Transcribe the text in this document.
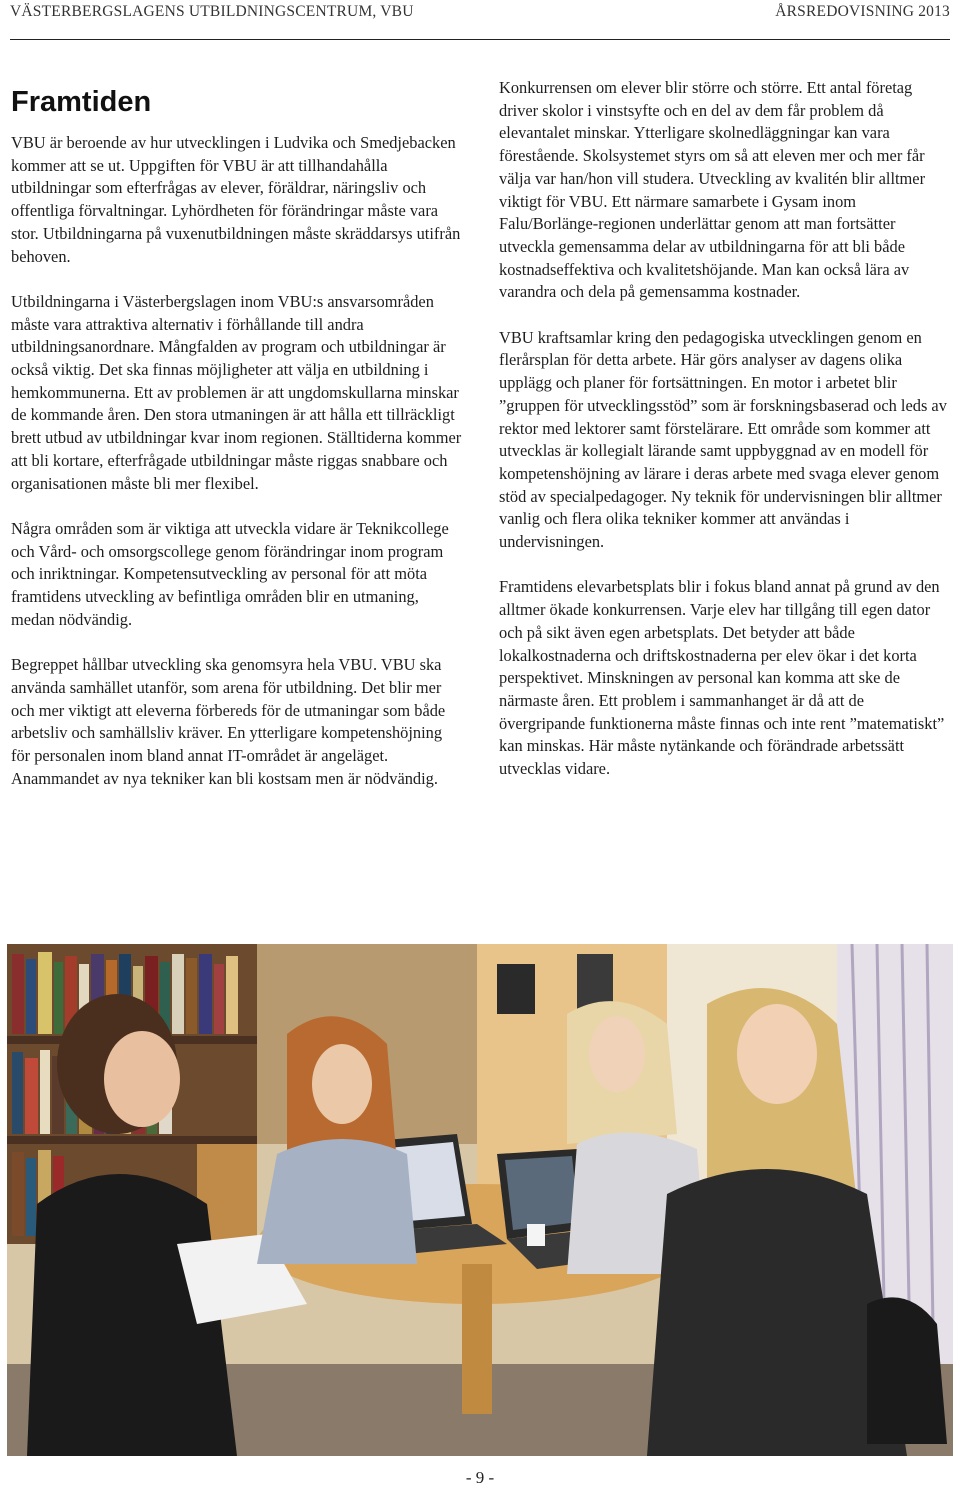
VÄSTERBERGSLAGENS UTBILDNINGSCENTRUM, VBU	ÅRSREDOVISNING 2013
Framtiden

VBU är beroende av hur utvecklingen i Ludvika och Smedjebacken kommer att se ut. Uppgiften för VBU är att tillhandahålla utbildningar som efterfrågas av elever, föräldrar, näringsliv och offentliga förvaltningar. Lyhördheten för förändringar måste vara stor. Utbildningarna på vuxenutbildningen måste skräddarsys utifrån behoven.

Utbildningarna i Västerbergslagen inom VBU:s ansvarsområden måste vara attraktiva alternativ i förhållande till andra utbildningsanordnare. Mångfalden av program och utbildningar är också viktig. Det ska finnas möjligheter att välja en utbildning i hemkommunerna. Ett av problemen är att ungdomskullarna minskar de kommande åren. Den stora utmaningen är att hålla ett tillräckligt brett utbud av utbildningar kvar inom regionen. Ställtiderna kommer att bli kortare, efterfrågade utbildningar måste riggas snabbare och organisationen måste bli mer flexibel.

Några områden som är viktiga att utveckla vidare är Teknikcollege och Vård- och omsorgscollege genom förändringar inom program och inriktningar. Kompetensutveckling av personal för att möta framtidens utveckling av befintliga områden blir en utmaning, medan nödvändig.

Begreppet hållbar utveckling ska genomsyra hela VBU. VBU ska använda samhället utanför, som arena för utbildning. Det blir mer och mer viktigt att eleverna förbereds för de utmaningar som både arbetsliv och samhällsliv kräver. En ytterligare kompetenshöjning för personalen inom bland annat IT-området är angeläget. Anammandet av nya tekniker kan bli kostsam men är nödvändig.

Konkurrensen om elever blir större och större. Ett antal företag driver skolor i vinstsyfte och en del av dem får problem då elevantalet minskar. Ytterligare skolnedläggningar kan vara förestående. Skolsystemet styrs om så att eleven mer och mer får välja var han/hon vill studera. Utveckling av kvalitén blir alltmer viktigt för VBU. Ett närmare samarbete i Gysam inom Falu/Borlänge-regionen underlättar genom att man fortsätter utveckla gemensamma delar av utbildningarna för att bli både kostnadseffektiva och kvalitetshöjande. Man kan också lära av varandra och dela på gemensamma kostnader.

VBU kraftsamlar kring den pedagogiska utvecklingen genom en flerårsplan för detta arbete. Här görs analyser av dagens olika upplägg och planer för fortsättningen. En motor i arbetet blir ”gruppen för utvecklingsstöd” som är forskningsbaserad och leds av rektor med lektorer samt förstelärare. Ett område som kommer att utvecklas är kollegialt lärande samt uppbyggnad av en modell för kompetenshöjning av lärare i deras arbete med svaga elever genom stöd av specialpedagoger. Ny teknik för undervisningen blir alltmer vanlig och flera olika tekniker kommer att användas i undervisningen.

Framtidens elevarbetsplats blir i fokus bland annat på grund av den alltmer ökade konkurrensen. Varje elev har tillgång till egen dator och på sikt även egen arbetsplats. Det betyder att både lokalkostnaderna och driftskostnaderna per elev ökar i det korta perspektivet. Minskningen av personal kan komma att ske de närmaste åren. Ett problem i sammanhanget är då att de övergripande funktionerna måste finnas och inte rent ”matematiskt” kan minskas. Här måste nytänkande och förändrade arbetssätt utvecklas vidare.

- 9 -
